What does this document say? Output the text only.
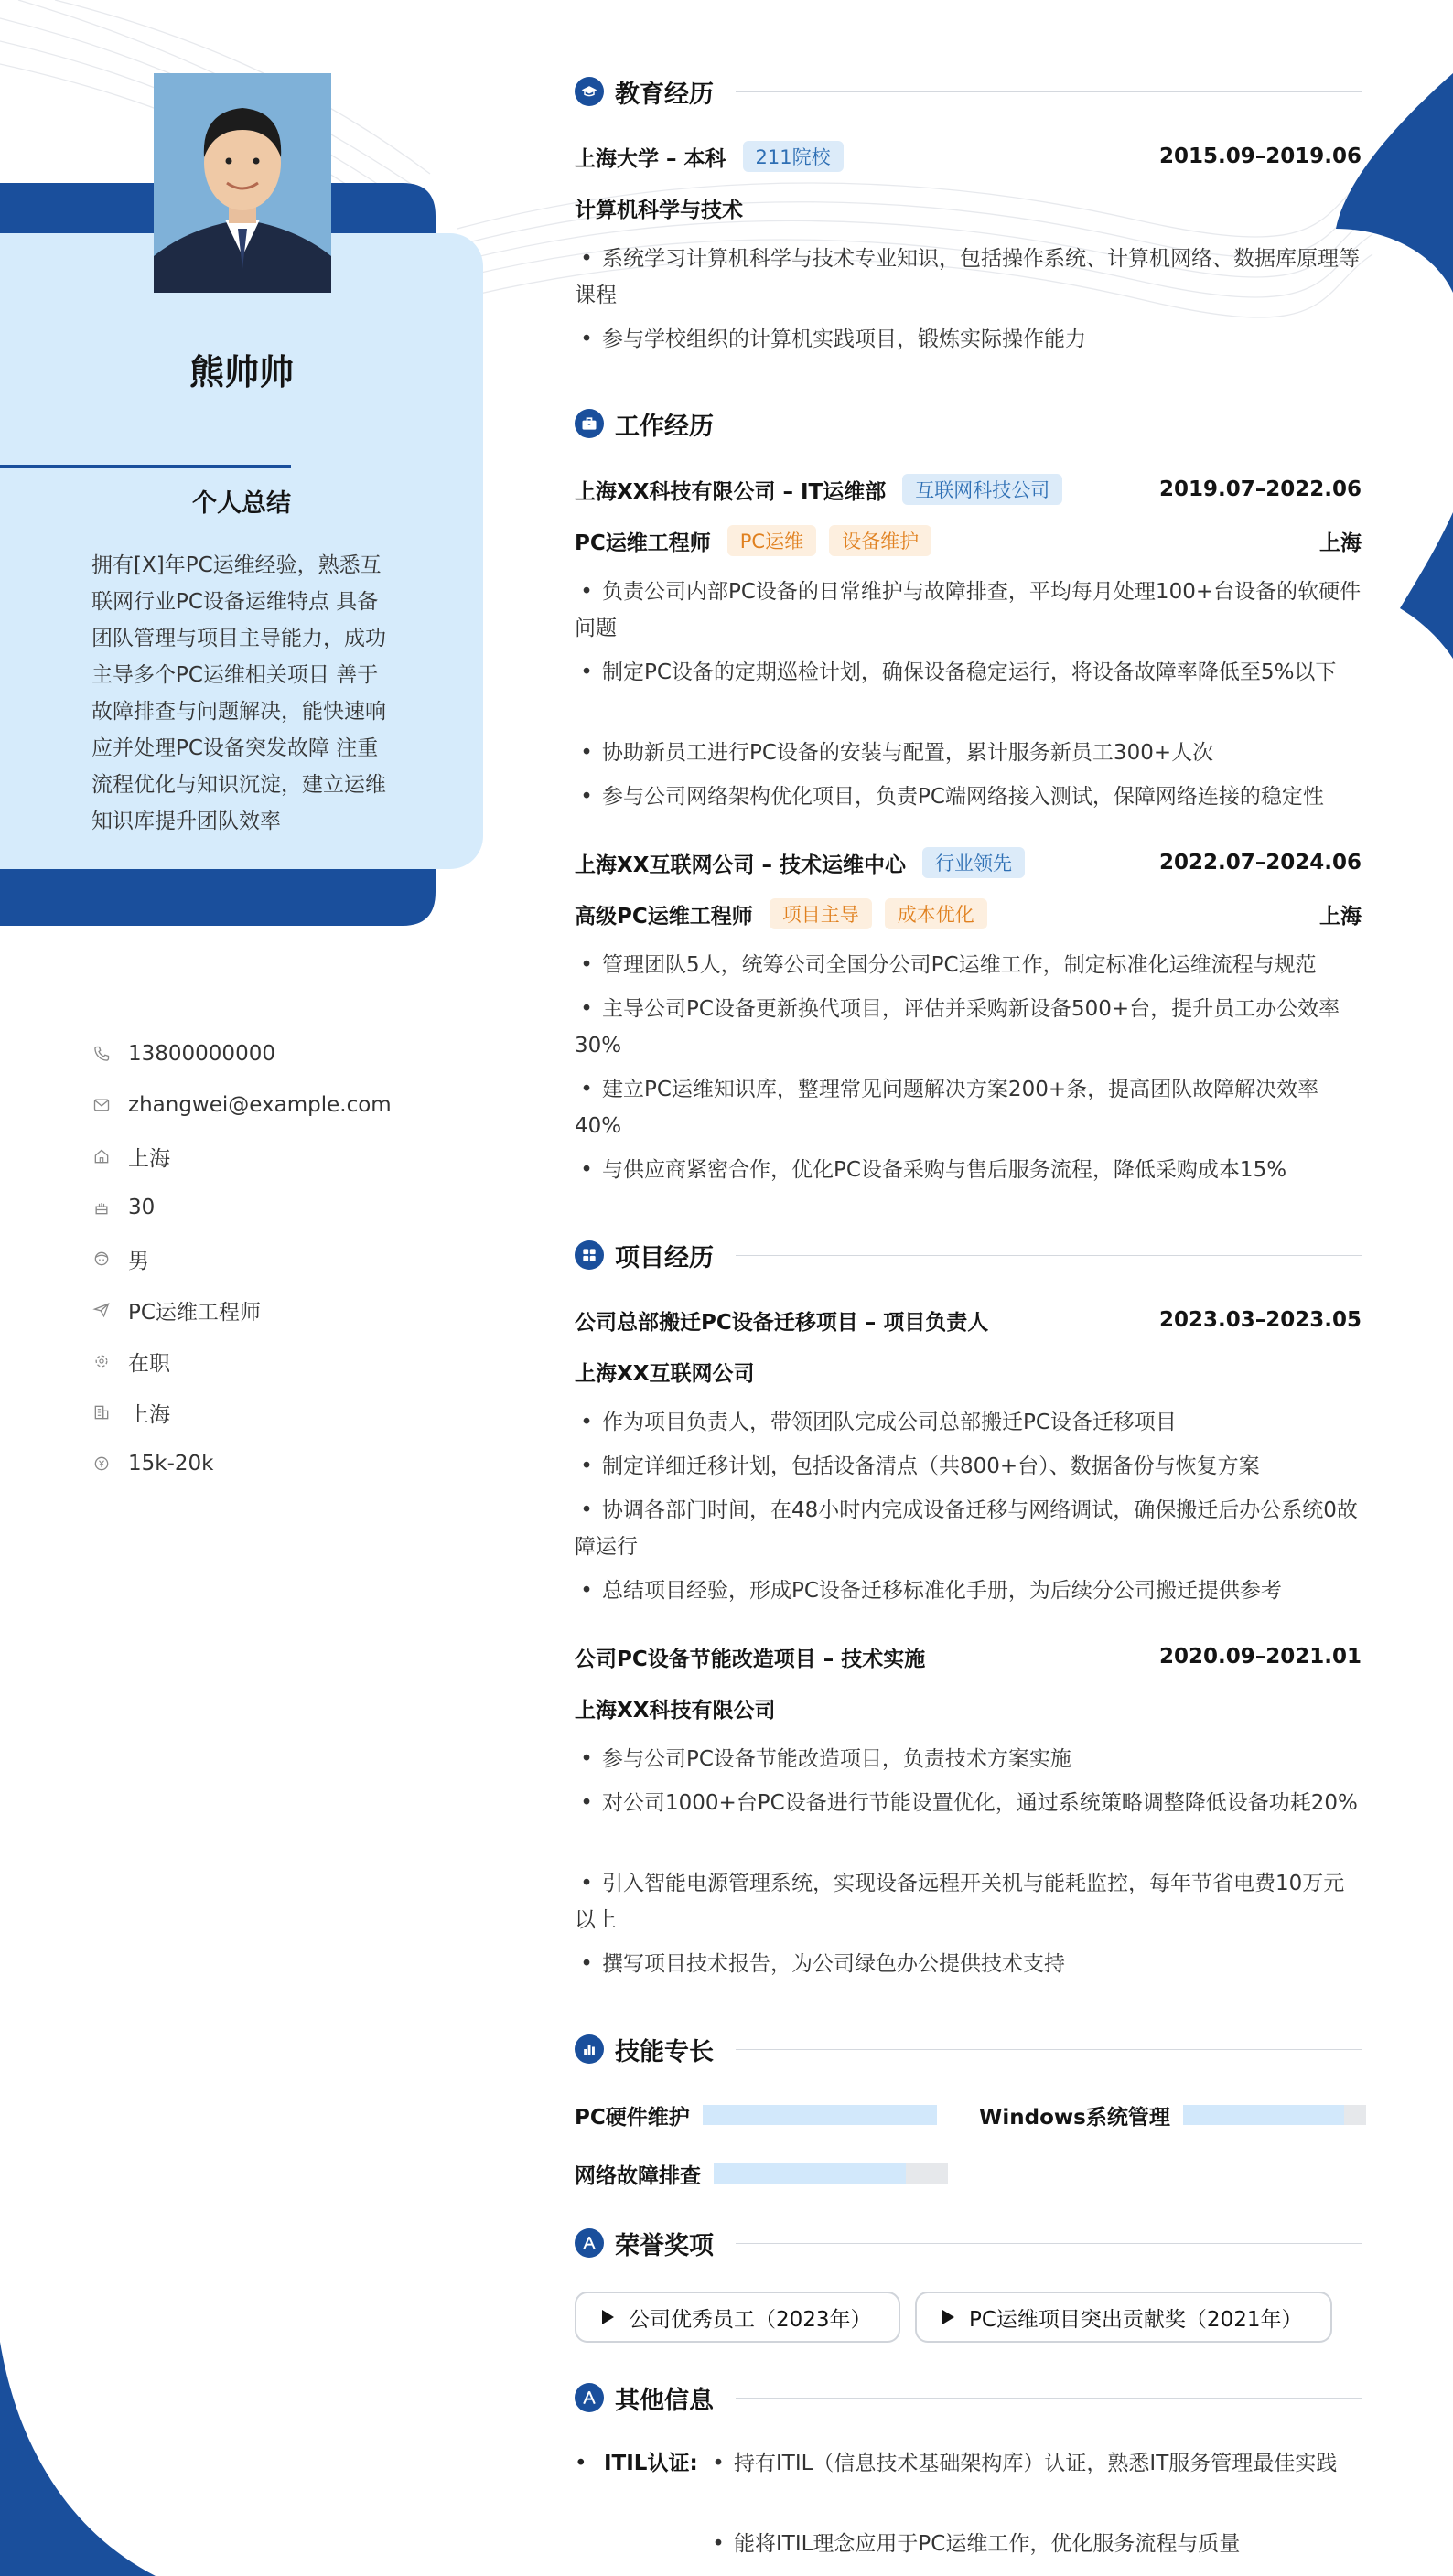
熊帅帅
个人总结
拥有[X]年PC运维经验，熟悉互联网行业PC设备运维特点 具备团队管理与项目主导能力，成功主导多个PC运维相关项目 善于故障排查与问题解决，能快速响应并处理PC设备突发故障 注重流程优化与知识沉淀，建立运维知识库提升团队效率
13800000000
zhangwei@example.com
上海
30
男
PC运维工程师
在职
上海
15k-20k
教育经历
上海大学 – 本科	211院校	2015.09–2019.06
计算机科学与技术
• 系统学习计算机科学与技术专业知识，包括操作系统、计算机网络、数据库原理等课程
• 参与学校组织的计算机实践项目，锻炼实际操作能力
工作经历
上海XX科技有限公司 – IT运维部	互联网科技公司	2019.07–2022.06
PC运维工程师	PC运维	设备维护	上海
• 负责公司内部PC设备的日常维护与故障排查，平均每月处理100+台设备的软硬件问题
• 制定PC设备的定期巡检计划，确保设备稳定运行，将设备故障率降低至5%以下
• 协助新员工进行PC设备的安装与配置，累计服务新员工300+人次
• 参与公司网络架构优化项目，负责PC端网络接入测试，保障网络连接的稳定性
上海XX互联网公司 – 技术运维中心	行业领先	2022.07–2024.06
高级PC运维工程师	项目主导	成本优化	上海
• 管理团队5人，统筹公司全国分公司PC运维工作，制定标准化运维流程与规范
• 主导公司PC设备更新换代项目，评估并采购新设备500+台，提升员工办公效率30%
• 建立PC运维知识库，整理常见问题解决方案200+条，提高团队故障解决效率40%
• 与供应商紧密合作，优化PC设备采购与售后服务流程，降低采购成本15%
项目经历
公司总部搬迁PC设备迁移项目 – 项目负责人	2023.03–2023.05
上海XX互联网公司
• 作为项目负责人，带领团队完成公司总部搬迁PC设备迁移项目
• 制定详细迁移计划，包括设备清点（共800+台）、数据备份与恢复方案
• 协调各部门时间，在48小时内完成设备迁移与网络调试，确保搬迁后办公系统0故障运行
• 总结项目经验，形成PC设备迁移标准化手册，为后续分公司搬迁提供参考
公司PC设备节能改造项目 – 技术实施	2020.09–2021.01
上海XX科技有限公司
• 参与公司PC设备节能改造项目，负责技术方案实施
• 对公司1000+台PC设备进行节能设置优化，通过系统策略调整降低设备功耗20%
• 引入智能电源管理系统，实现设备远程开关机与能耗监控，每年节省电费10万元以上
• 撰写项目技术报告，为公司绿色办公提供技术支持
技能专长
PC硬件维护	Windows系统管理
网络故障排查
荣誉奖项
公司优秀员工（2023年）	PC运维项目突出贡献奖（2021年）
其他信息
• ITIL认证:
•	持有ITIL（信息技术基础架构库）认证，熟悉IT服务管理最佳实践
• 能将ITIL理念应用于PC运维工作，优化服务流程与质量
